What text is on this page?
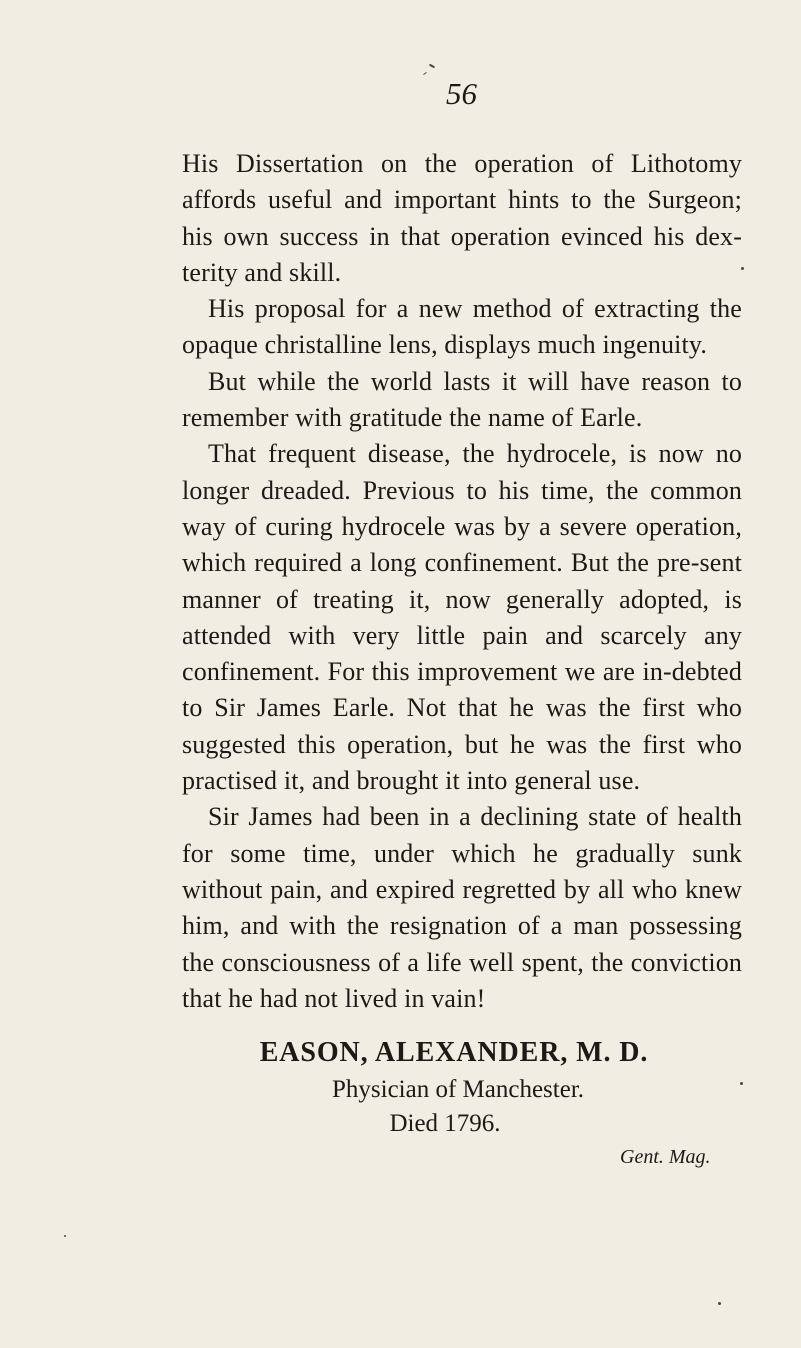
56

His Dissertation on the operation of Lithotomy affords useful and important hints to the Surgeon; his own success in that operation evinced his dex-terity and skill.

His proposal for a new method of extracting the opaque christalline lens, displays much ingenuity.

But while the world lasts it will have reason to remember with gratitude the name of Earle.

That frequent disease, the hydrocele, is now no longer dreaded. Previous to his time, the common way of curing hydrocele was by a severe operation, which required a long confinement. But the pre-sent manner of treating it, now generally adopted, is attended with very little pain and scarcely any confinement. For this improvement we are in-debted to Sir James Earle. Not that he was the first who suggested this operation, but he was the first who practised it, and brought it into general use.

Sir James had been in a declining state of health for some time, under which he gradually sunk without pain, and expired regretted by all who knew him, and with the resignation of a man possessing the consciousness of a life well spent, the conviction that he had not lived in vain!

EASON, ALEXANDER, M. D.
Physician of Manchester.
Died 1796.
Gent. Mag.
